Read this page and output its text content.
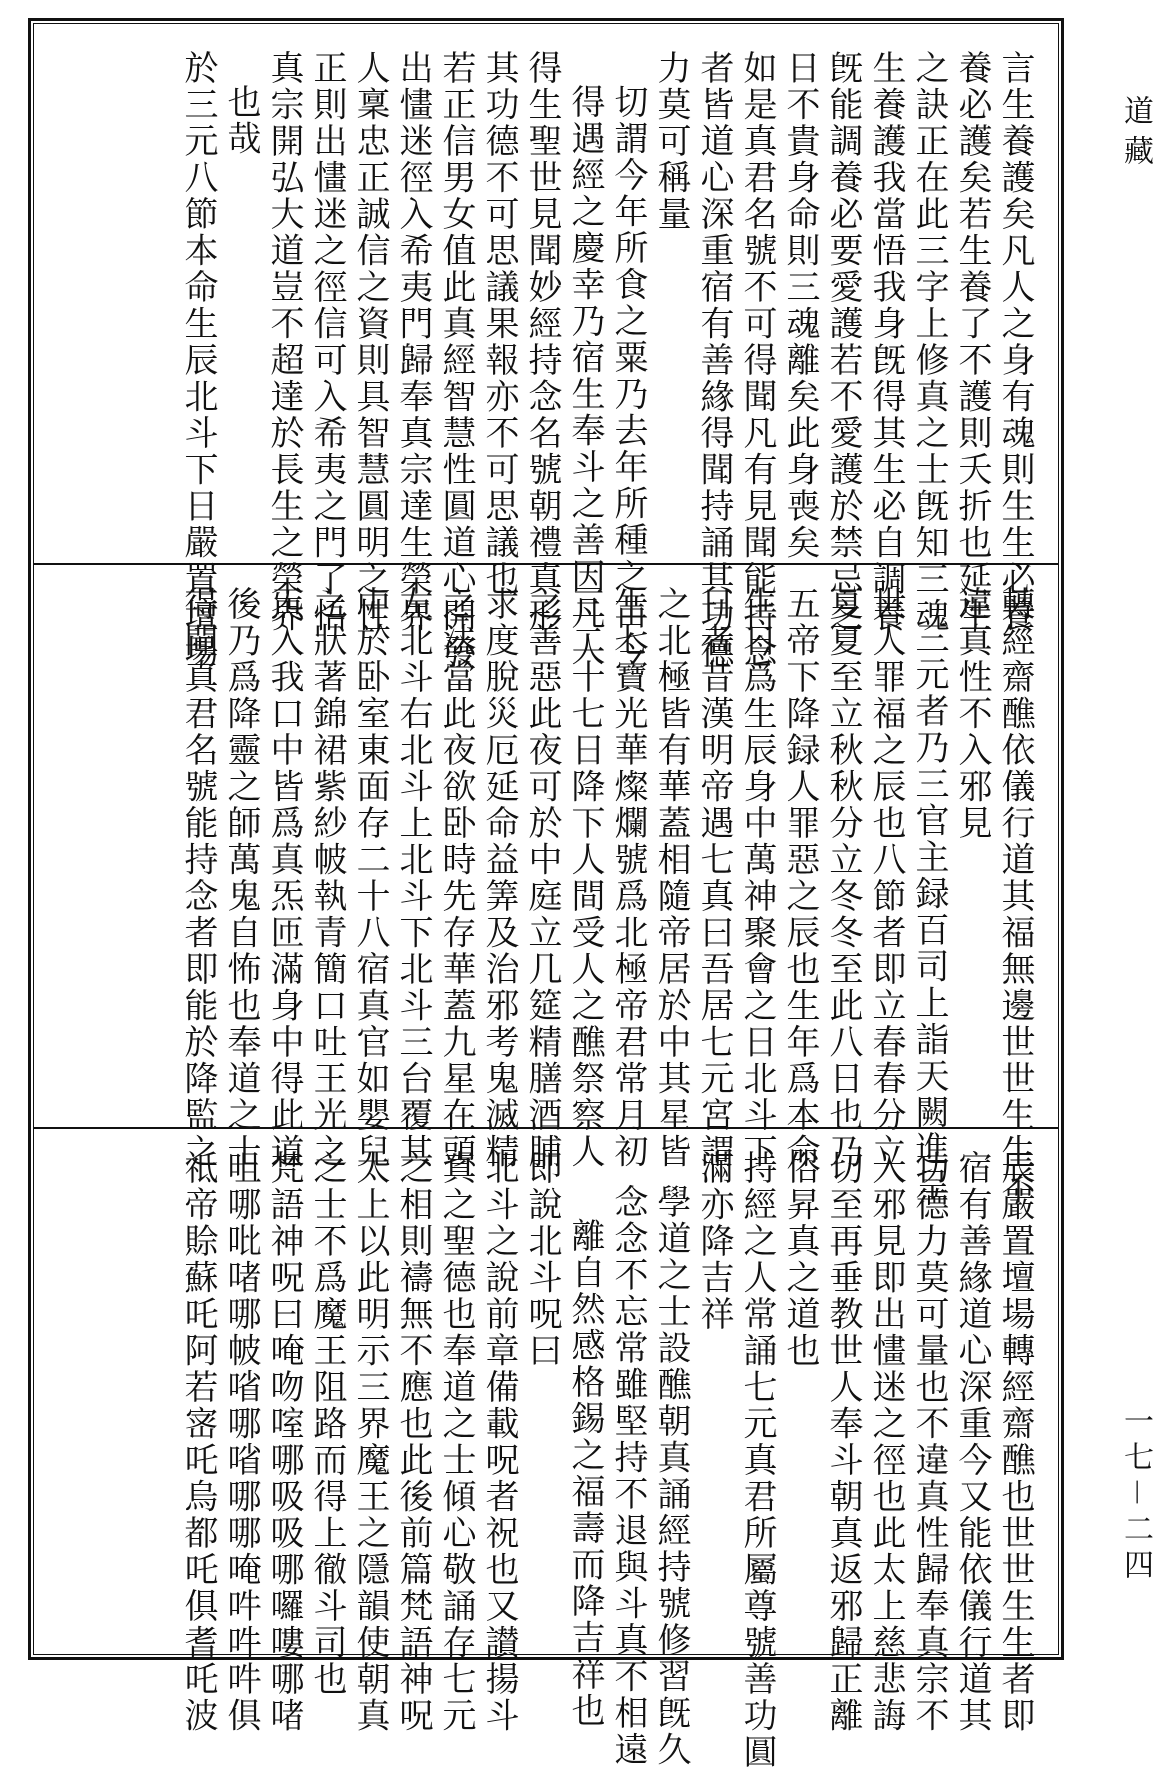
道藏
一七－二四
言生養護矣凡人之身有魂則生生必養
養必護矣若生養了不護則夭折也延生
之訣正在此三字上修真之士旣知三魂
生養護我當悟我身旣得其生必自調養
旣能調養必要愛護若不愛護於禁忌之
日不貴身命則三魂離矣此身喪矣
如是真君名號不可得聞凡有見聞能持念
者皆道心深重宿有善緣得聞持誦其功德
力莫可稱量
切謂今年所食之粟乃去年所種之苗今
得遇經之慶幸乃宿生奉斗之善因凡人
得生聖世見聞妙經持念名號朝禮真形
其功德不可思議果報亦不可思議也
若正信男女值此真經智慧性圓道心開發
出㦎迷徑入希夷門歸奉真宗達生榮界
人稟忠正誠信之資則具智慧圓明之性
正則出㦎迷之徑信可入希夷之門了悟
真宗開弘大道豈不超達於長生之榮界
也哉
於三元八節本命生辰北斗下日嚴置壇場
轉經齋醮依儀行道其福無邊世世生生不
違真性不入邪見
三元者乃三官主録百司上詣天闕進呈
世人罪福之辰也八節者即立春春分立
夏夏至立秋秋分立冬冬至此八日也乃
五帝下降録人罪惡之辰也生年爲本命
生日爲生辰身中萬神聚會之日北斗下
日者昔漢明帝遇七真曰吾居七元宮謂
之北極皆有華蓋相隨帝居於中其星皆
生七寶光華燦爛號爲北極帝君常月初
三二十七日降下人間受人之醮祭察人
之善惡此夜可於中庭立几筵精膳酒脯
求度脫災厄延命益筭及治邪考鬼滅精
之法當此夜欲卧時先存華蓋九星在頭
左北斗右北斗上北斗下北斗三台覆其
中於卧室東面存二十八宿真官如嬰兒
之狀著錦裙紫紗帔執青簡口吐王光之
炁入我口中皆爲真炁匝滿身中得此道
後乃爲降靈之師萬鬼自怖也奉道之士
得聞真君名號能持念者即能於降監之
辰嚴置壇場轉經齋醮也世世生生者即
宿有善緣道心深重今又能依儀行道其
功德力莫可量也不違真性歸奉真宗不
入邪見即出㦎迷之徑也此太上慈悲誨
切至再垂教世人奉斗朝真返邪歸正離
俗昇真之道也
持經之人常誦七元真君所屬尊號善功圓
滿亦降吉祥
學道之士設醮朝真誦經持號修習旣久
念念不忘常雖堅持不退與斗真不相遠
離自然感格錫之福壽而降吉祥也
即說北斗呪曰
北斗之說前章備載呪者祝也又讃揚斗
真之聖德也奉道之士傾心敬誦存七元
之相則禱無不應也此後前篇梵語神呪
太上以此明示三界魔王之隱韻使朝真
之士不爲魔王阻路而得上徹斗司也
梵語神呪曰唵吻㗌哪吸吸哪囉嘍哪啫
咀哪吡啫哪帔㗂哪㗂哪哪唵吽吽吽俱
祗帝賒蘇吒阿若宻吒烏都吒俱耆吒波
